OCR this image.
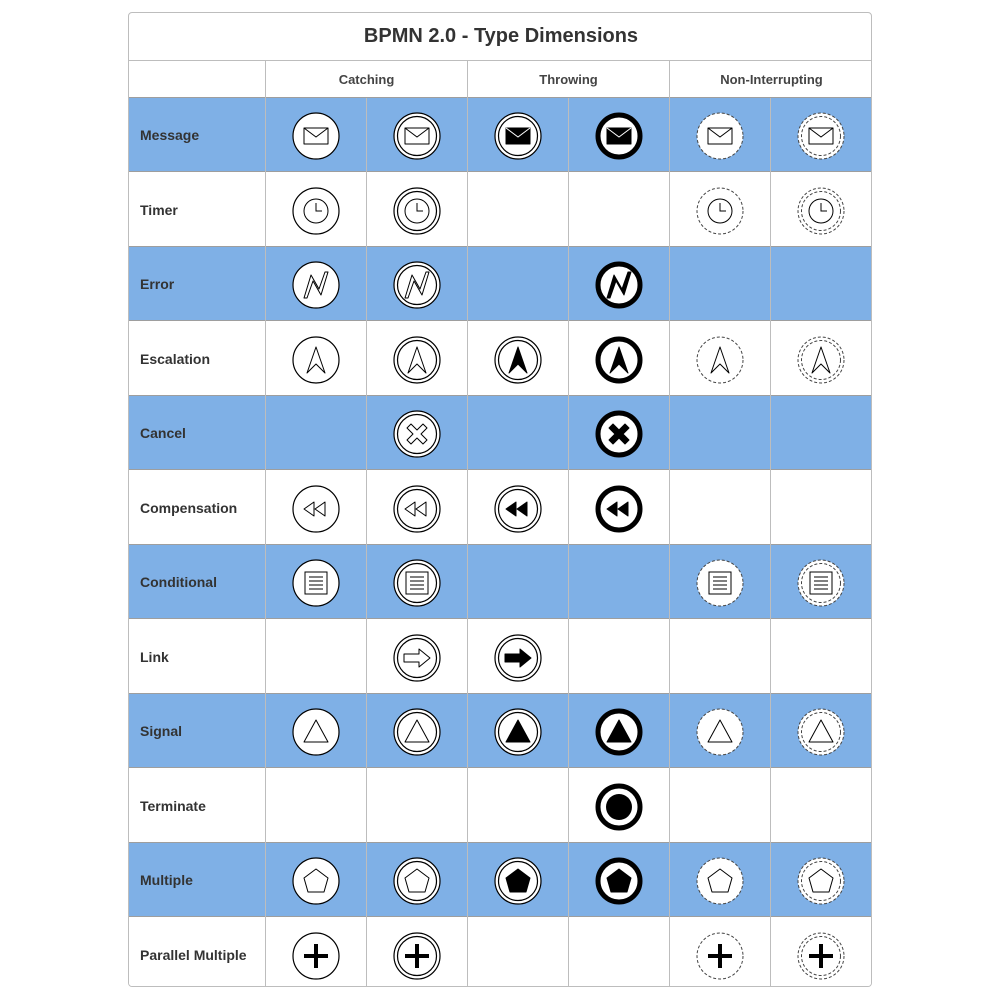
BPMN 2.0 - Type Dimensions
Catching	Throwing	Non-Interrupting
Message
Timer
Error
Escalation
Cancel
Compensation
Conditional
Link
Signal
Terminate
Multiple
Parallel Multiple
